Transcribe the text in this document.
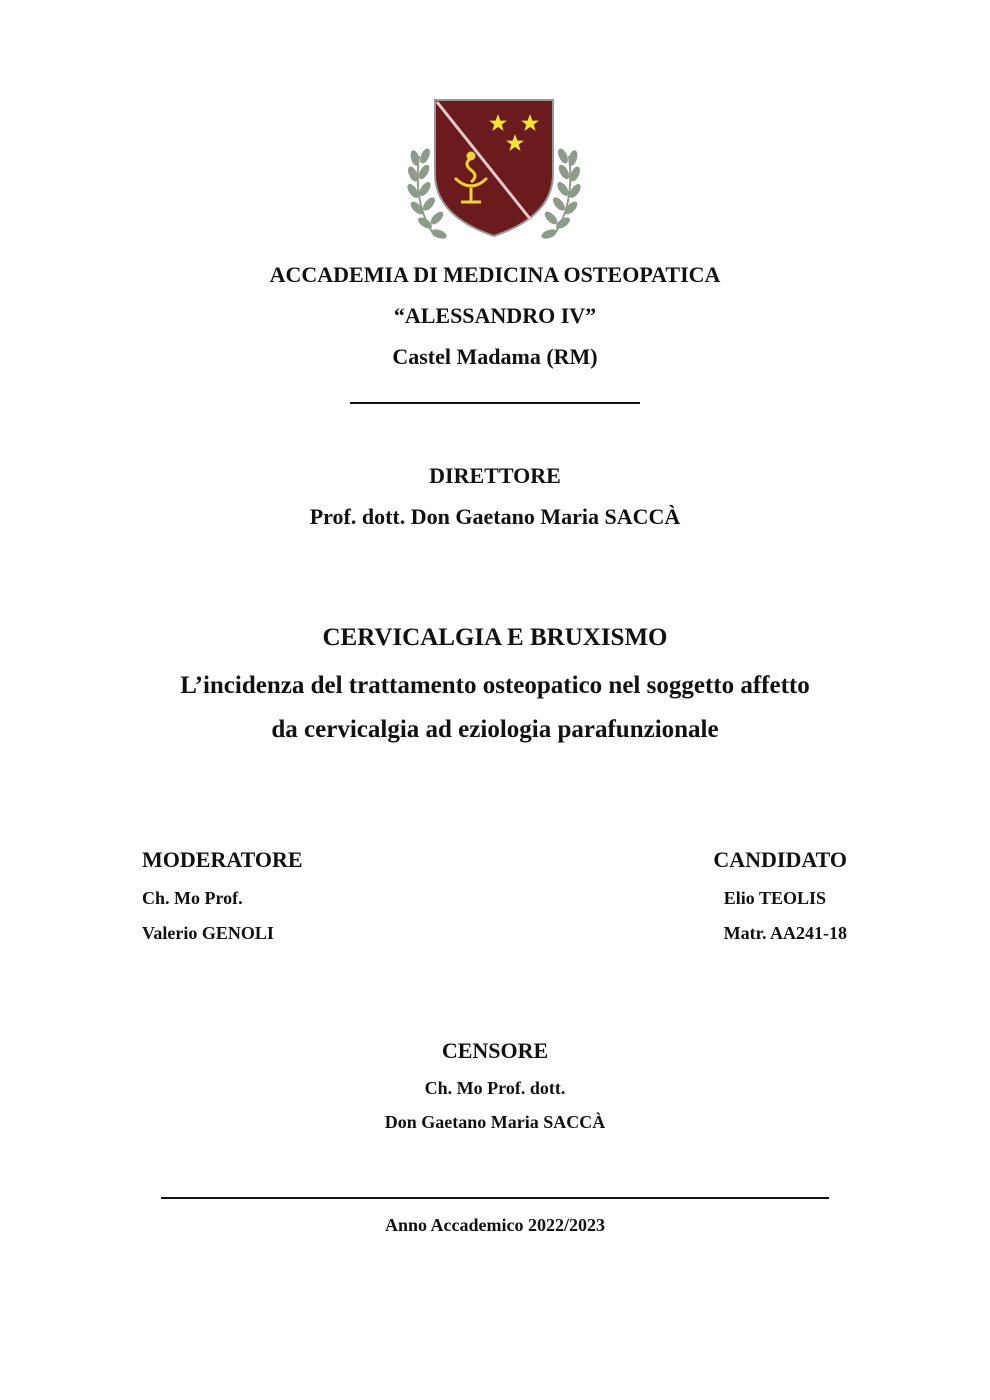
ACCADEMIA DI MEDICINA OSTEOPATICA
“ALESSANDRO IV”
Castel Madama (RM)
DIRETTORE
Prof. dott. Don Gaetano Maria SACCÀ
CERVICALGIA E BRUXISMO
L’incidenza del trattamento osteopatico nel soggetto affetto
da cervicalgia ad eziologia parafunzionale
MODERATORE
Ch. Mo Prof.
Valerio GENOLI
CANDIDATO
Elio TEOLIS
Matr. AA241-18
CENSORE
Ch. Mo Prof. dott.
Don Gaetano Maria SACCÀ
Anno Accademico 2022/2023
